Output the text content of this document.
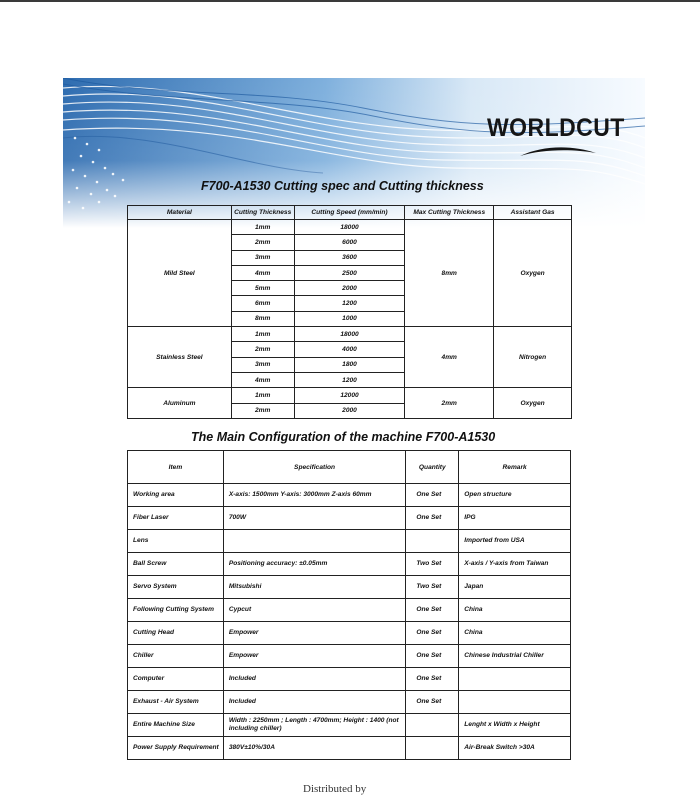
WORLDCUT
F700-A1530 Cutting spec and Cutting thickness
Material	Cutting Thickness	Cutting Speed (mm/min)	Max Cutting Thickness	Assistant Gas
Mild Steel	1mm	18000	8mm	Oxygen
	2mm	6000		
	3mm	3600		
	4mm	2500		
	5mm	2000		
	6mm	1200		
	8mm	1000		
Stainless Steel	1mm	18000	4mm	Nitrogen
	2mm	4000		
	3mm	1800		
	4mm	1200		
Aluminum	1mm	12000	2mm	Oxygen
	2mm	2000		
The Main Configuration of the machine F700-A1530
Item	Specification	Quantity	Remark
Working area	X-axis: 1500mm Y-axis: 3000mm Z-axis 60mm	One Set	Open structure
Fiber Laser	700W	One Set	IPG
Lens			Imported from USA
Ball Screw	Positioning accuracy: ±0.05mm	Two Set	X-axis / Y-axis from Taiwan
Servo System	Mitsubishi	Two Set	Japan
Following Cutting System	Cypcut	One Set	China
Cutting Head	Empower	One Set	China
Chiller	Empower	One Set	Chinese Industrial Chiller
Computer	Included	One Set	
Exhaust - Air System	Included	One Set	
Entire Machine Size	Width : 2250mm ; Length : 4700mm; Height : 1400 (not including chiller)		Lenght x Width x Height
Power Supply Requirement	380V±10%/30A		Air-Break Switch >30A
Distributed by
